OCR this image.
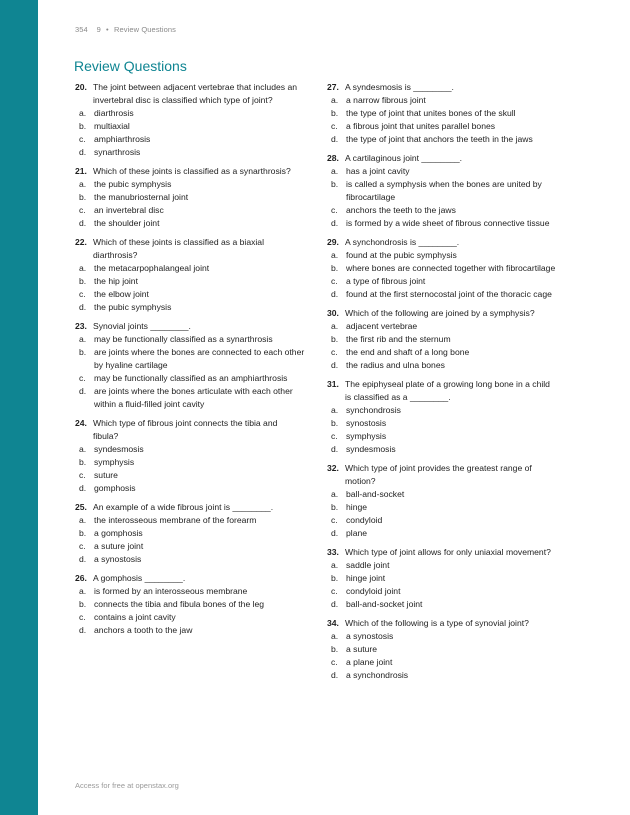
354 9 • Review Questions
Review Questions
20. The joint between adjacent vertebrae that includes an invertebral disc is classified which type of joint?
a. diarthrosis
b. multiaxial
c. amphiarthrosis
d. synarthrosis
21. Which of these joints is classified as a synarthrosis?
a. the pubic symphysis
b. the manubriosternal joint
c. an invertebral disc
d. the shoulder joint
22. Which of these joints is classified as a biaxial diarthrosis?
a. the metacarpophalangeal joint
b. the hip joint
c. the elbow joint
d. the pubic symphysis
23. Synovial joints ________.
a. may be functionally classified as a synarthrosis
b. are joints where the bones are connected to each other by hyaline cartilage
c. may be functionally classified as an amphiarthrosis
d. are joints where the bones articulate with each other within a fluid-filled joint cavity
24. Which type of fibrous joint connects the tibia and fibula?
a. syndesmosis
b. symphysis
c. suture
d. gomphosis
25. An example of a wide fibrous joint is ________.
a. the interosseous membrane of the forearm
b. a gomphosis
c. a suture joint
d. a synostosis
26. A gomphosis ________.
a. is formed by an interosseous membrane
b. connects the tibia and fibula bones of the leg
c. contains a joint cavity
d. anchors a tooth to the jaw
27. A syndesmosis is ________.
a. a narrow fibrous joint
b. the type of joint that unites bones of the skull
c. a fibrous joint that unites parallel bones
d. the type of joint that anchors the teeth in the jaws
28. A cartilaginous joint ________.
a. has a joint cavity
b. is called a symphysis when the bones are united by fibrocartilage
c. anchors the teeth to the jaws
d. is formed by a wide sheet of fibrous connective tissue
29. A synchondrosis is ________.
a. found at the pubic symphysis
b. where bones are connected together with fibrocartilage
c. a type of fibrous joint
d. found at the first sternocostal joint of the thoracic cage
30. Which of the following are joined by a symphysis?
a. adjacent vertebrae
b. the first rib and the sternum
c. the end and shaft of a long bone
d. the radius and ulna bones
31. The epiphyseal plate of a growing long bone in a child is classified as a ________.
a. synchondrosis
b. synostosis
c. symphysis
d. syndesmosis
32. Which type of joint provides the greatest range of motion?
a. ball-and-socket
b. hinge
c. condyloid
d. plane
33. Which type of joint allows for only uniaxial movement?
a. saddle joint
b. hinge joint
c. condyloid joint
d. ball-and-socket joint
34. Which of the following is a type of synovial joint?
a. a synostosis
b. a suture
c. a plane joint
d. a synchondrosis
Access for free at openstax.org
